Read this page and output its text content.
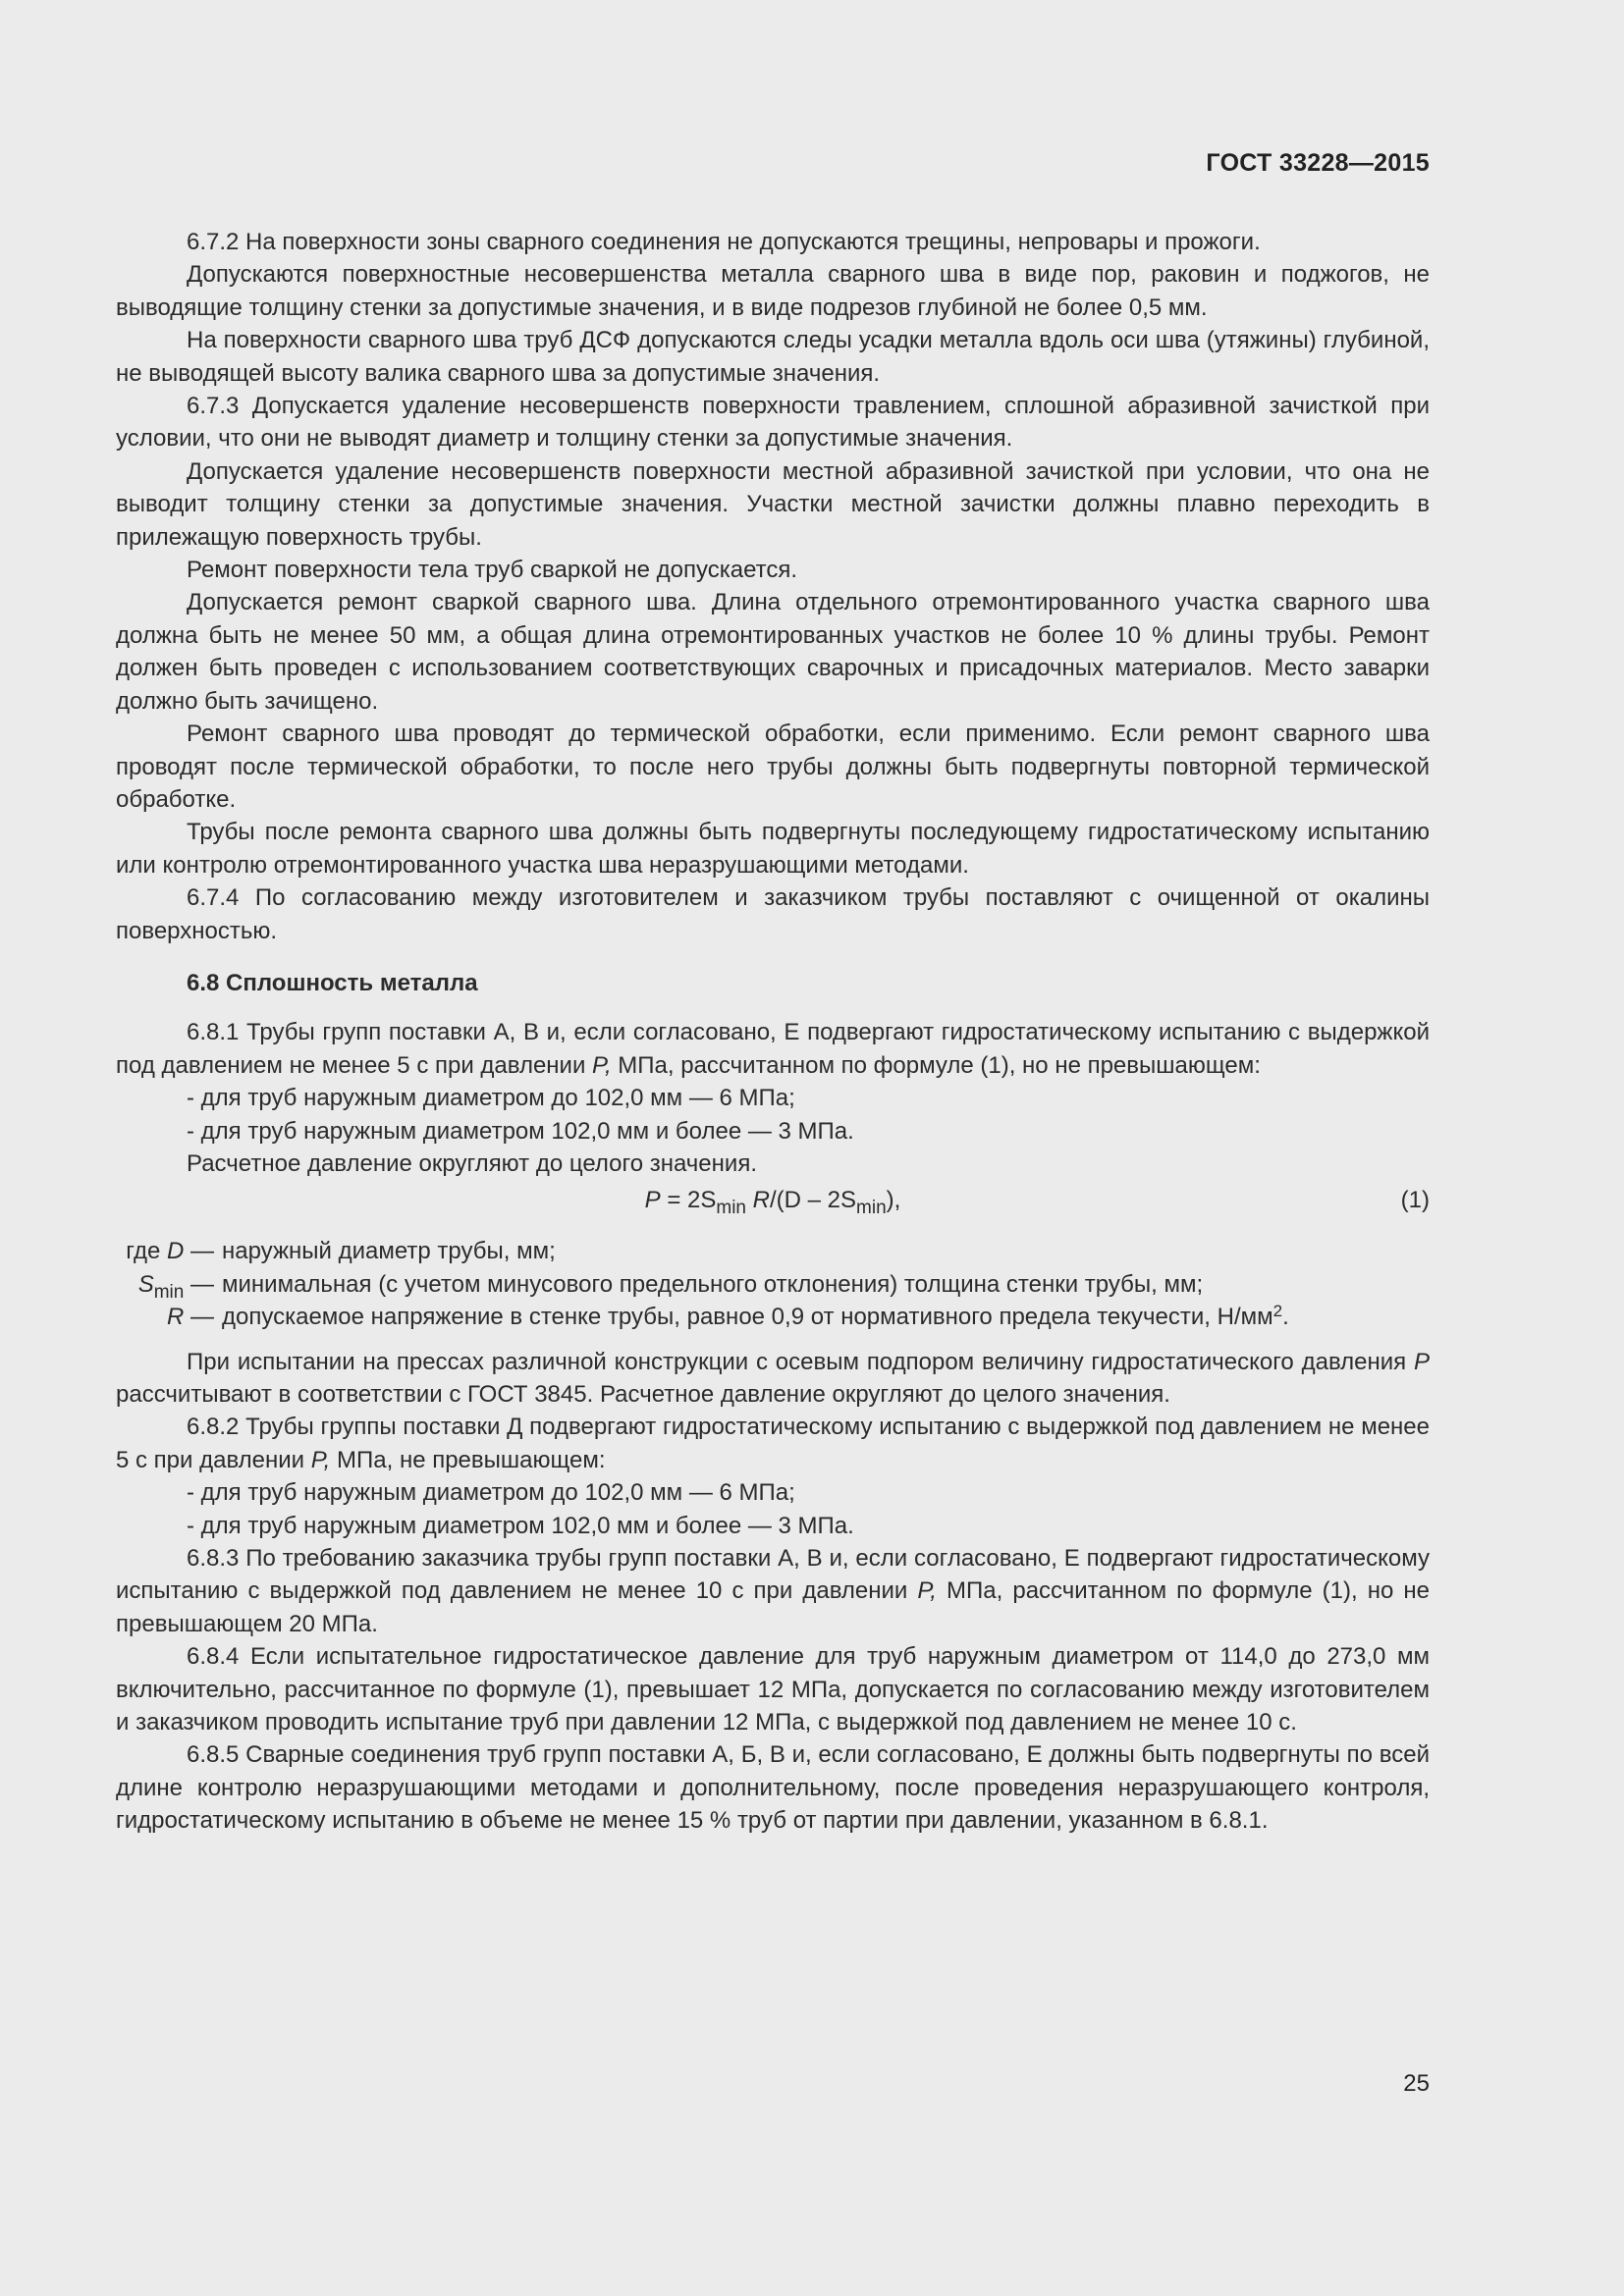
ГОСТ 33228—2015

6.7.2 На поверхности зоны сварного соединения не допускаются трещины, непровары и прожоги.

Допускаются поверхностные несовершенства металла сварного шва в виде пор, раковин и поджогов, не выводящие толщину стенки за допустимые значения, и в виде подрезов глубиной не более 0,5 мм.

На поверхности сварного шва труб ДСФ допускаются следы усадки металла вдоль оси шва (утяжины) глубиной, не выводящей высоту валика сварного шва за допустимые значения.

6.7.3 Допускается удаление несовершенств поверхности травлением, сплошной абразивной зачисткой при условии, что они не выводят диаметр и толщину стенки за допустимые значения.

Допускается удаление несовершенств поверхности местной абразивной зачисткой при условии, что она не выводит толщину стенки за допустимые значения. Участки местной зачистки должны плавно переходить в прилежащую поверхность трубы.

Ремонт поверхности тела труб сваркой не допускается.

Допускается ремонт сваркой сварного шва. Длина отдельного отремонтированного участка сварного шва должна быть не менее 50 мм, а общая длина отремонтированных участков не более 10 % длины трубы. Ремонт должен быть проведен с использованием соответствующих сварочных и присадочных материалов. Место заварки должно быть зачищено.

Ремонт сварного шва проводят до термической обработки, если применимо. Если ремонт сварного шва проводят после термической обработки, то после него трубы должны быть подвергнуты повторной термической обработке.

Трубы после ремонта сварного шва должны быть подвергнуты последующему гидростатическому испытанию или контролю отремонтированного участка шва неразрушающими методами.

6.7.4 По согласованию между изготовителем и заказчиком трубы поставляют с очищенной от окалины поверхностью.

6.8 Сплошность металла

6.8.1 Трубы групп поставки А, В и, если согласовано, Е подвергают гидростатическому испытанию с выдержкой под давлением не менее 5 с при давлении P, МПа, рассчитанном по формуле (1), но не превышающем:

- для труб наружным диаметром до 102,0 мм — 6 МПа;

- для труб наружным диаметром 102,0 мм и более — 3 МПа.

Расчетное давление округляют до целого значения.

$P = 2S_{min}$ $R/(D - 2S_{min})$,	(1)
где D — наружный диаметр трубы, мм;
$S_{min}$ — минимальная (с учетом минусового предельного отклонения) толщина стенки трубы, мм;
R — допускаемое напряжение в стенке трубы, равное 0,9 от нормативного предела текучести, $Н/мм^2$.

При испытании на прессах различной конструкции с осевым подпором величину гидростатического давления P рассчитывают в соответствии с ГОСТ 3845. Расчетное давление округляют до целого значения.

6.8.2 Трубы группы поставки Д подвергают гидростатическому испытанию с выдержкой под давлением не менее 5 с при давлении P, МПа, не превышающем:

- для труб наружным диаметром до 102,0 мм — 6 МПа;

- для труб наружным диаметром 102,0 мм и более — 3 МПа.

6.8.3 По требованию заказчика трубы групп поставки А, В и, если согласовано, Е подвергают гидростатическому испытанию с выдержкой под давлением не менее 10 с при давлении P, МПа, рассчитанном по формуле (1), но не превышающем 20 МПа.

6.8.4 Если испытательное гидростатическое давление для труб наружным диаметром от 114,0 до 273,0 мм включительно, рассчитанное по формуле (1), превышает 12 МПа, допускается по согласованию между изготовителем и заказчиком проводить испытание труб при давлении 12 МПа, с выдержкой под давлением не менее 10 с.

6.8.5 Сварные соединения труб групп поставки А, Б, В и, если согласовано, Е должны быть подвергнуты по всей длине контролю неразрушающими методами и дополнительному, после проведения неразрушающего контроля, гидростатическому испытанию в объеме не менее 15 % труб от партии при давлении, указанном в 6.8.1.

25
